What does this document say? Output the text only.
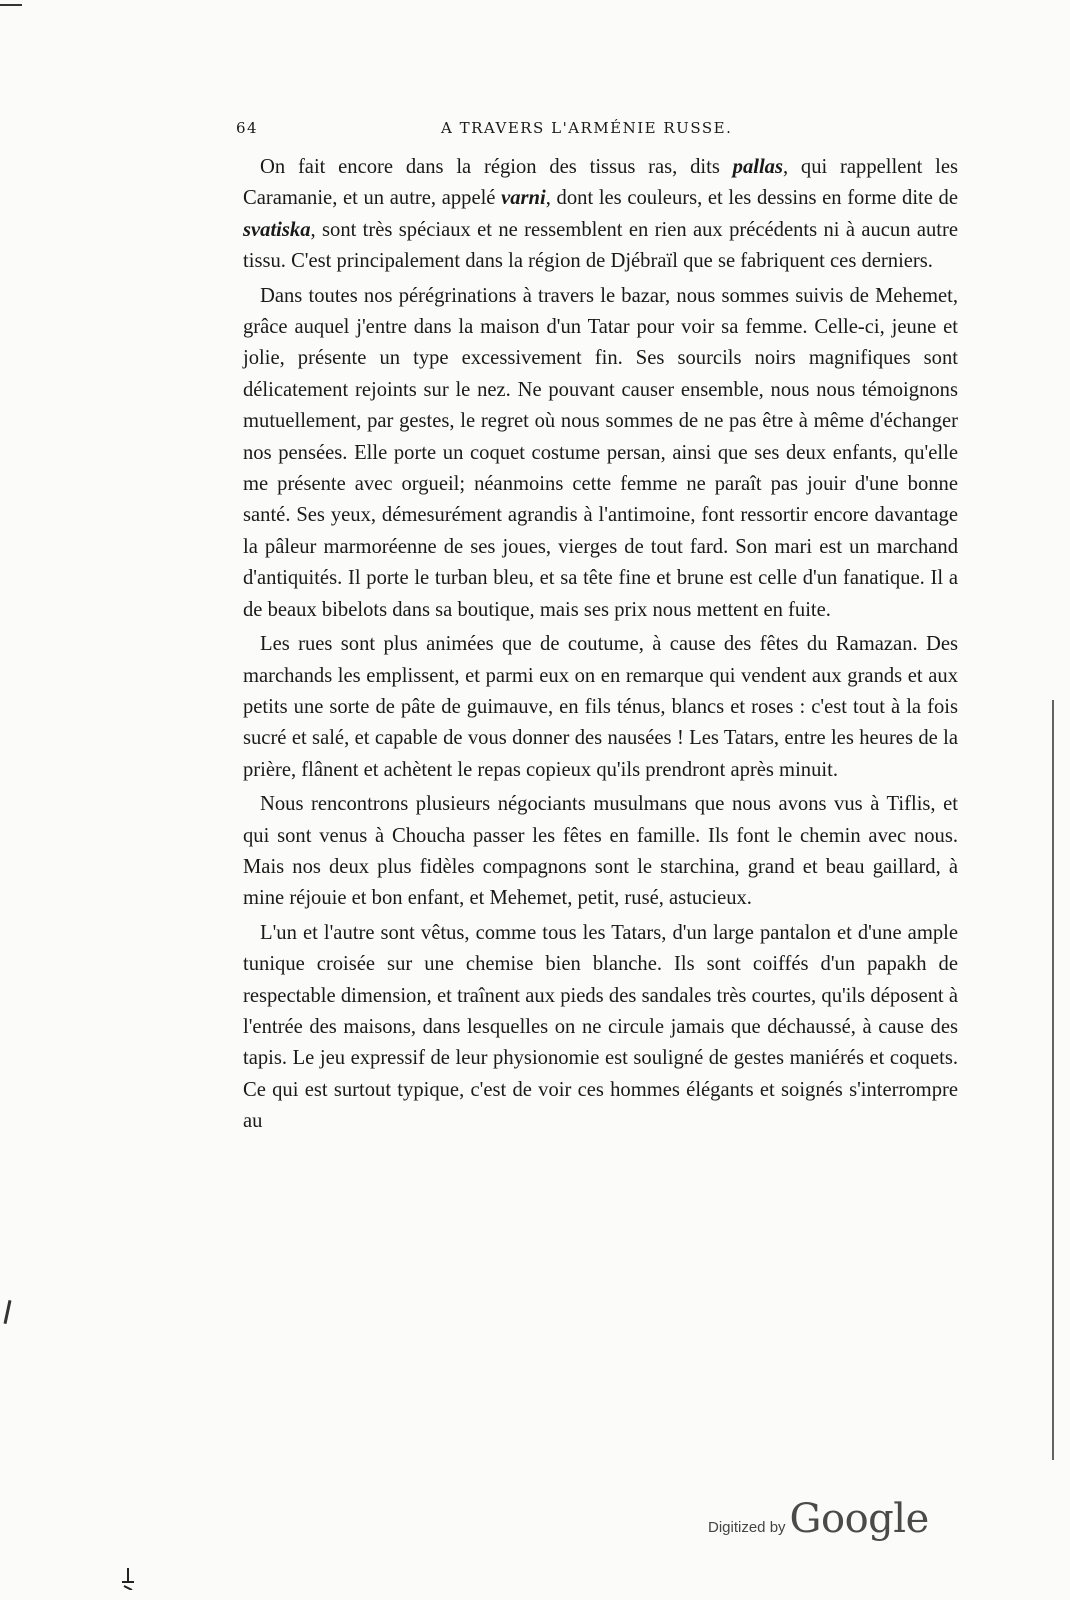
64	A TRAVERS L'ARMÉNIE RUSSE.

On fait encore dans la région des tissus ras, dits pallas, qui rappellent les Caramanie, et un autre, appelé varni, dont les couleurs, et les dessins en forme dite de svatiska, sont très spéciaux et ne ressemblent en rien aux précédents ni à aucun autre tissu. C'est principalement dans la région de Djébraïl que se fabriquent ces derniers.

Dans toutes nos pérégrinations à travers le bazar, nous sommes suivis de Mehemet, grâce auquel j'entre dans la maison d'un Tatar pour voir sa femme. Celle-ci, jeune et jolie, présente un type excessivement fin. Ses sourcils noirs magnifiques sont délicatement rejoints sur le nez. Ne pouvant causer ensemble, nous nous témoignons mutuellement, par gestes, le regret où nous sommes de ne pas être à même d'échanger nos pensées. Elle porte un coquet costume persan, ainsi que ses deux enfants, qu'elle me présente avec orgueil; néanmoins cette femme ne paraît pas jouir d'une bonne santé. Ses yeux, démesurément agrandis à l'antimoine, font ressortir encore davantage la pâleur marmoréenne de ses joues, vierges de tout fard. Son mari est un marchand d'antiquités. Il porte le turban bleu, et sa tête fine et brune est celle d'un fanatique. Il a de beaux bibelots dans sa boutique, mais ses prix nous mettent en fuite.

Les rues sont plus animées que de coutume, à cause des fêtes du Ramazan. Des marchands les emplissent, et parmi eux on en remarque qui vendent aux grands et aux petits une sorte de pâte de guimauve, en fils ténus, blancs et roses : c'est tout à la fois sucré et salé, et capable de vous donner des nausées ! Les Tatars, entre les heures de la prière, flânent et achètent le repas copieux qu'ils prendront après minuit.

Nous rencontrons plusieurs négociants musulmans que nous avons vus à Tiflis, et qui sont venus à Choucha passer les fêtes en famille. Ils font le chemin avec nous. Mais nos deux plus fidèles compagnons sont le starchina, grand et beau gaillard, à mine réjouie et bon enfant, et Mehemet, petit, rusé, astucieux.

L'un et l'autre sont vêtus, comme tous les Tatars, d'un large pantalon et d'une ample tunique croisée sur une chemise bien blanche. Ils sont coiffés d'un papakh de respectable dimension, et traînent aux pieds des sandales très courtes, qu'ils déposent à l'entrée des maisons, dans lesquelles on ne circule jamais que déchaussé, à cause des tapis. Le jeu expressif de leur physionomie est souligné de gestes maniérés et coquets. Ce qui est surtout typique, c'est de voir ces hommes élégants et soignés s'interrompre au

Digitized by Google
